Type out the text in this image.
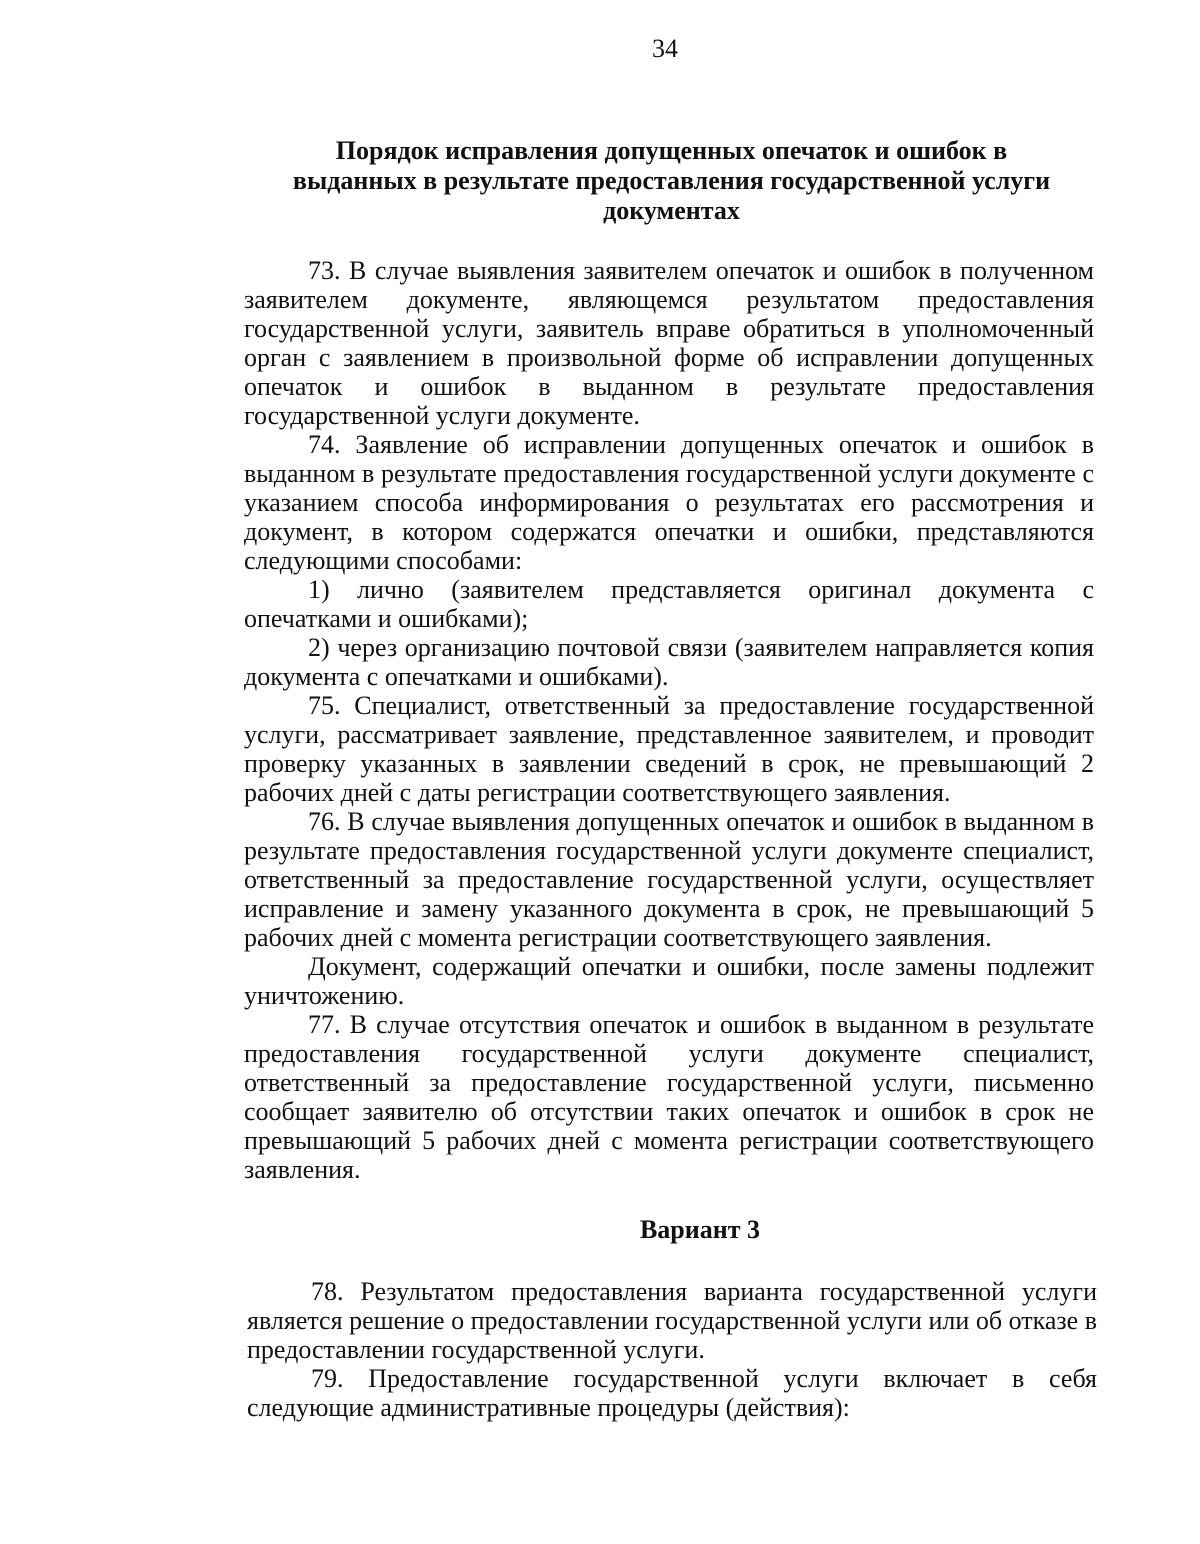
34
Порядок исправления допущенных опечаток и ошибок в
выданных в результате предоставления государственной услуги
документах

73. В случае выявления заявителем опечаток и ошибок в полученном заявителем документе, являющемся результатом предоставления государственной услуги, заявитель вправе обратиться в уполномоченный орган с заявлением в произвольной форме об исправлении допущенных опечаток и ошибок в выданном в результате предоставления государственной услуги документе.

74. Заявление об исправлении допущенных опечаток и ошибок в выданном в результате предоставления государственной услуги документе с указанием способа информирования о результатах его рассмотрения и документ, в котором содержатся опечатки и ошибки, представляются следующими способами:

1) лично (заявителем представляется оригинал документа с опечатками и ошибками);

2) через организацию почтовой связи (заявителем направляется копия документа с опечатками и ошибками).

75. Специалист, ответственный за предоставление государственной услуги, рассматривает заявление, представленное заявителем, и проводит проверку указанных в заявлении сведений в срок, не превышающий 2 рабочих дней с даты регистрации соответствующего заявления.

76. В случае выявления допущенных опечаток и ошибок в выданном в результате предоставления государственной услуги документе специалист, ответственный за предоставление государственной услуги, осуществляет исправление и замену указанного документа в срок, не превышающий 5 рабочих дней с момента регистрации соответствующего заявления.

Документ, содержащий опечатки и ошибки, после замены подлежит уничтожению.

77. В случае отсутствия опечаток и ошибок в выданном в результате предоставления государственной услуги документе специалист, ответственный за предоставление государственной услуги, письменно сообщает заявителю об отсутствии таких опечаток и ошибок в срок не превышающий 5 рабочих дней с момента регистрации соответствующего заявления.

Вариант 3

78. Результатом предоставления варианта государственной услуги является решение о предоставлении государственной услуги или об отказе в предоставлении государственной услуги.

79. Предоставление государственной услуги включает в себя следующие административные процедуры (действия):
